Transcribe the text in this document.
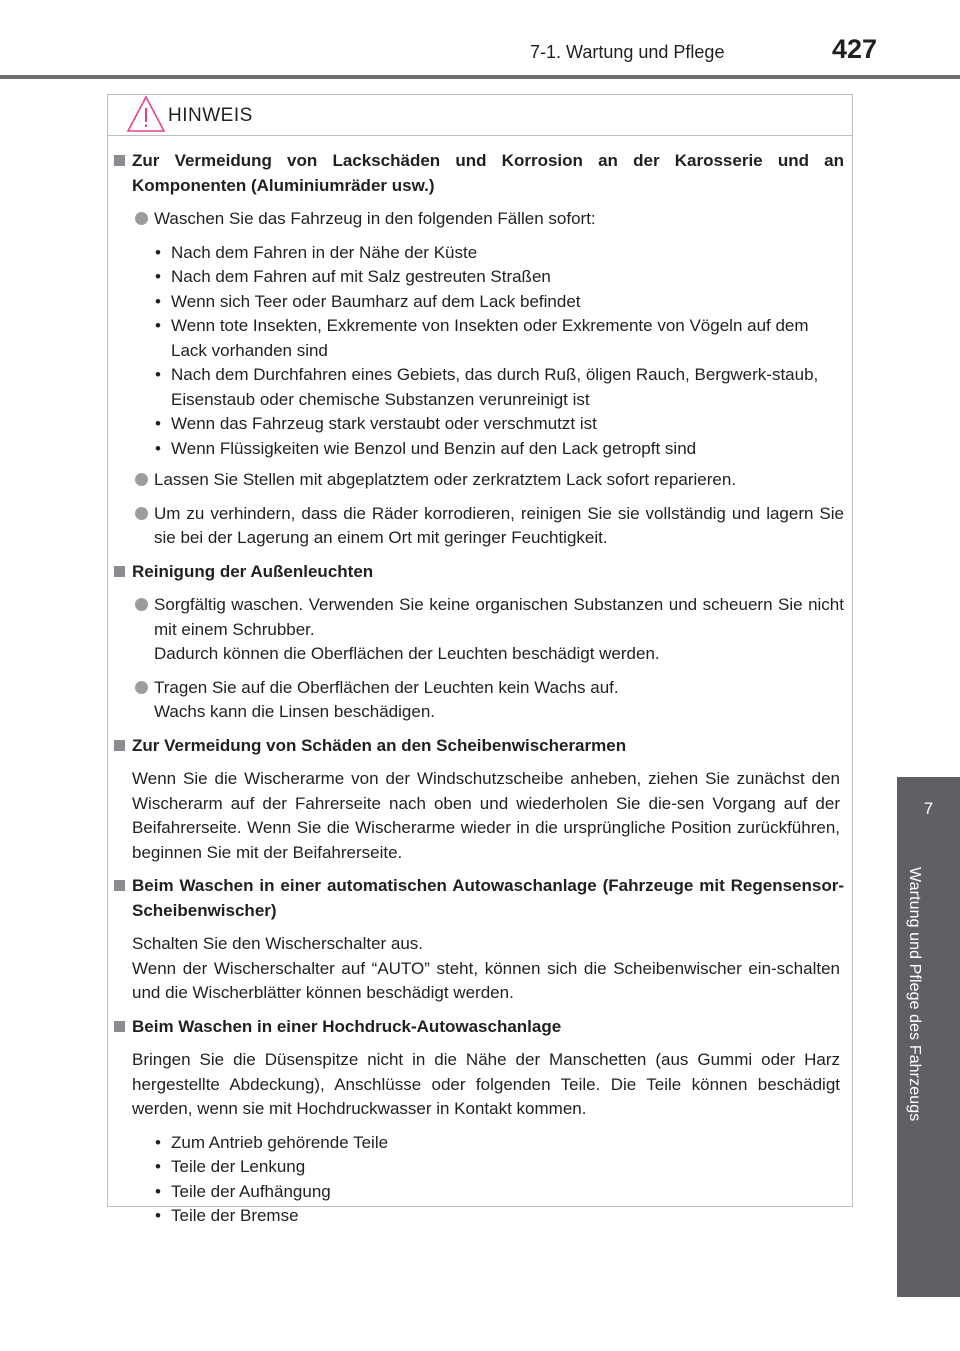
7-1. Wartung und Pflege	427
7
Wartung und Pflege des Fahrzeugs
HINWEIS
Zur Vermeidung von Lackschäden und Korrosion an der Karosserie und an Komponenten (Aluminiumräder usw.)
Waschen Sie das Fahrzeug in den folgenden Fällen sofort:
• Nach dem Fahren in der Nähe der Küste
• Nach dem Fahren auf mit Salz gestreuten Straßen
• Wenn sich Teer oder Baumharz auf dem Lack befindet
• Wenn tote Insekten, Exkremente von Insekten oder Exkremente von Vögeln auf dem Lack vorhanden sind
• Nach dem Durchfahren eines Gebiets, das durch Ruß, öligen Rauch, Bergwerk-staub, Eisenstaub oder chemische Substanzen verunreinigt ist
• Wenn das Fahrzeug stark verstaubt oder verschmutzt ist
• Wenn Flüssigkeiten wie Benzol und Benzin auf den Lack getropft sind
Lassen Sie Stellen mit abgeplatztem oder zerkratztem Lack sofort reparieren.
Um zu verhindern, dass die Räder korrodieren, reinigen Sie sie vollständig und lagern Sie sie bei der Lagerung an einem Ort mit geringer Feuchtigkeit.
Reinigung der Außenleuchten
Sorgfältig waschen. Verwenden Sie keine organischen Substanzen und scheuern Sie nicht mit einem Schrubber.
Dadurch können die Oberflächen der Leuchten beschädigt werden.
Tragen Sie auf die Oberflächen der Leuchten kein Wachs auf.
Wachs kann die Linsen beschädigen.
Zur Vermeidung von Schäden an den Scheibenwischerarmen
Wenn Sie die Wischerarme von der Windschutzscheibe anheben, ziehen Sie zunächst den Wischerarm auf der Fahrerseite nach oben und wiederholen Sie die-sen Vorgang auf der Beifahrerseite. Wenn Sie die Wischerarme wieder in die ursprüngliche Position zurückführen, beginnen Sie mit der Beifahrerseite.
Beim Waschen in einer automatischen Autowaschanlage (Fahrzeuge mit Regensensor-Scheibenwischer)
Schalten Sie den Wischerschalter aus.
Wenn der Wischerschalter auf “AUTO” steht, können sich die Scheibenwischer ein-schalten und die Wischerblätter können beschädigt werden.
Beim Waschen in einer Hochdruck-Autowaschanlage
Bringen Sie die Düsenspitze nicht in die Nähe der Manschetten (aus Gummi oder Harz hergestellte Abdeckung), Anschlüsse oder folgenden Teile. Die Teile können beschädigt werden, wenn sie mit Hochdruckwasser in Kontakt kommen.
• Zum Antrieb gehörende Teile
• Teile der Lenkung
• Teile der Aufhängung
• Teile der Bremse
